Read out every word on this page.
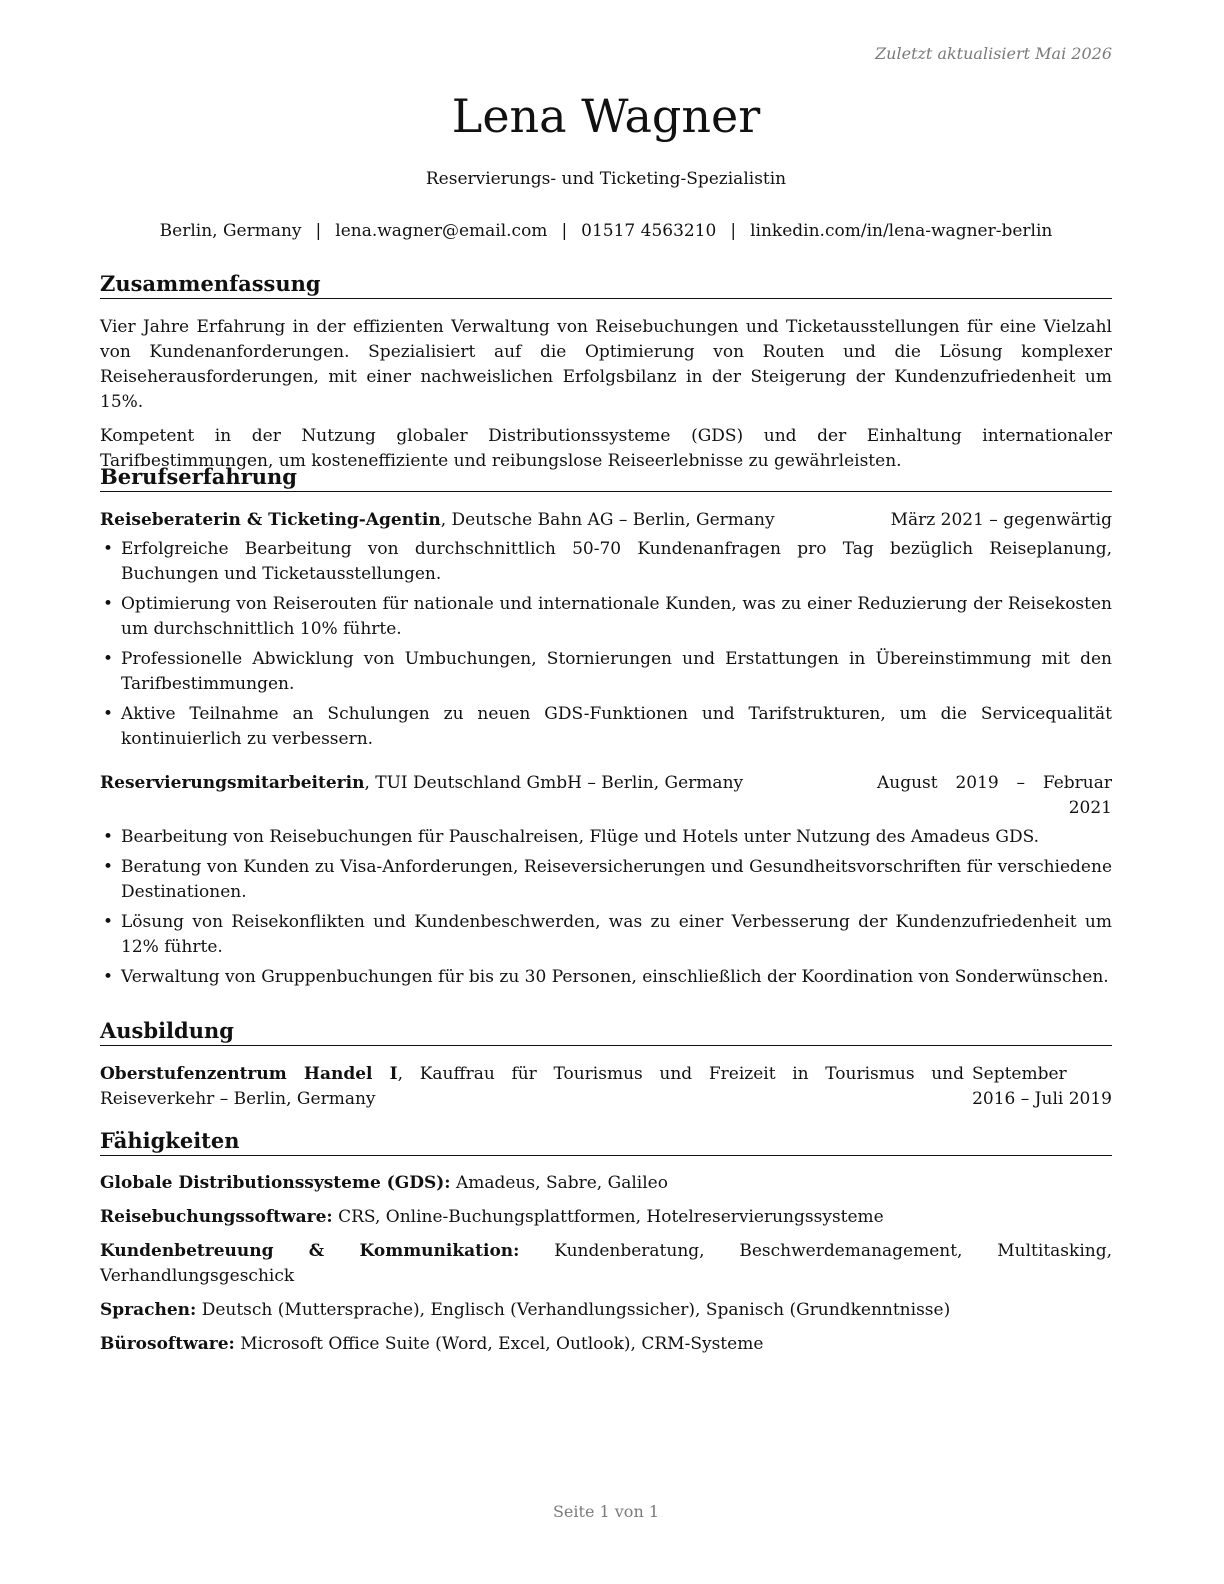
Zuletzt aktualisiert Mai 2026
Lena Wagner
Reservierungs- und Ticketing-Spezialistin
Berlin, Germany | lena.wagner@email.com | 01517 4563210 | linkedin.com/in/lena-wagner-berlin
Zusammenfassung

Vier Jahre Erfahrung in der effizienten Verwaltung von Reisebuchungen und Ticketausstellungen für eine Vielzahl von Kundenanforderungen. Spezialisiert auf die Optimierung von Routen und die Lösung komplexer Reiseherausforderungen, mit einer nachweislichen Erfolgsbilanz in der Steigerung der Kundenzufriedenheit um 15%.

Kompetent in der Nutzung globaler Distributionssysteme (GDS) und der Einhaltung internationaler Tarifbestimmungen, um kosteneffiziente und reibungslose Reiseerlebnisse zu gewährleisten.

Berufserfahrung
Reiseberaterin & Ticketing-Agentin, Deutsche Bahn AG – Berlin, Germany	März 2021 – gegenwärtig
• Erfolgreiche Bearbeitung von durchschnittlich 50-70 Kundenanfragen pro Tag bezüglich Reiseplanung, Buchungen und Ticketausstellungen.
• Optimierung von Reiserouten für nationale und internationale Kunden, was zu einer Reduzierung der Reisekosten um durchschnittlich 10% führte.
• Professionelle Abwicklung von Umbuchungen, Stornierungen und Erstattungen in Übereinstimmung mit den Tarifbestimmungen.
• Aktive Teilnahme an Schulungen zu neuen GDS-Funktionen und Tarifstrukturen, um die Servicequalität kontinuierlich zu verbessern.
Reservierungsmitarbeiterin, TUI Deutschland GmbH – Berlin, Germany	August 2019 – Februar 2021
• Bearbeitung von Reisebuchungen für Pauschalreisen, Flüge und Hotels unter Nutzung des Amadeus GDS.
• Beratung von Kunden zu Visa-Anforderungen, Reiseversicherungen und Gesundheitsvorschriften für verschiedene Destinationen.
• Lösung von Reisekonflikten und Kundenbeschwerden, was zu einer Verbesserung der Kundenzufriedenheit um 12% führte.
• Verwaltung von Gruppenbuchungen für bis zu 30 Personen, einschließlich der Koordination von Sonderwünschen.
Ausbildung
Oberstufenzentrum Handel I, Kauffrau für Tourismus und Freizeit in Tourismus und Reiseverkehr – Berlin, Germany
September 2016 – Juli 2019
Fähigkeiten

Globale Distributionssysteme (GDS): Amadeus, Sabre, Galileo

Reisebuchungssoftware: CRS, Online-Buchungsplattformen, Hotelreservierungssysteme

Kundenbetreuung & Kommunikation: Kundenberatung, Beschwerdemanagement, Multitasking, Verhandlungsgeschick

Sprachen: Deutsch (Muttersprache), Englisch (Verhandlungssicher), Spanisch (Grundkenntnisse)

Bürosoftware: Microsoft Office Suite (Word, Excel, Outlook), CRM-Systeme

Seite 1 von 1
